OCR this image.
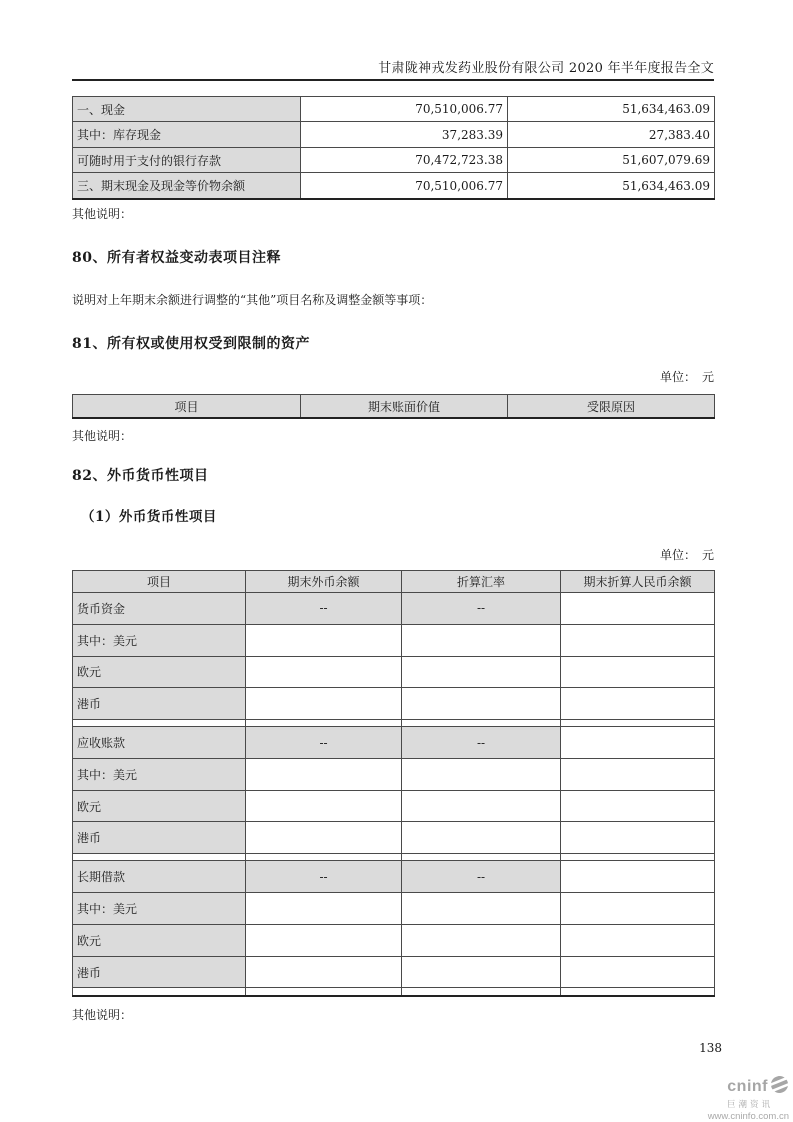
甘肃陇神戎发药业股份有限公司 2020 年半年度报告全文
一、现金	70,510,006.77	51,634,463.09
其中：库存现金	37,283.39	27,383.40
可随时用于支付的银行存款	70,472,723.38	51,607,079.69
三、期末现金及现金等价物余额	70,510,006.77	51,634,463.09
其他说明：
80、所有者权益变动表项目注释
说明对上年期末余额进行调整的“其他”项目名称及调整金额等事项：
81、所有权或使用权受到限制的资产
单位：　元
项目	期末账面价值	受限原因
其他说明：
82、外币货币性项目
（1）外币货币性项目
单位：　元
项目	期末外币余额	折算汇率	期末折算人民币余额
货币资金	--	--	
其中：美元			
欧元			
港币			

应收账款	--	--	
其中：美元			
欧元			
港币			

长期借款	--	--	
其中：美元			
欧元			
港币			

其他说明：
138
cninf
巨潮资讯
www.cninfo.com.cn
